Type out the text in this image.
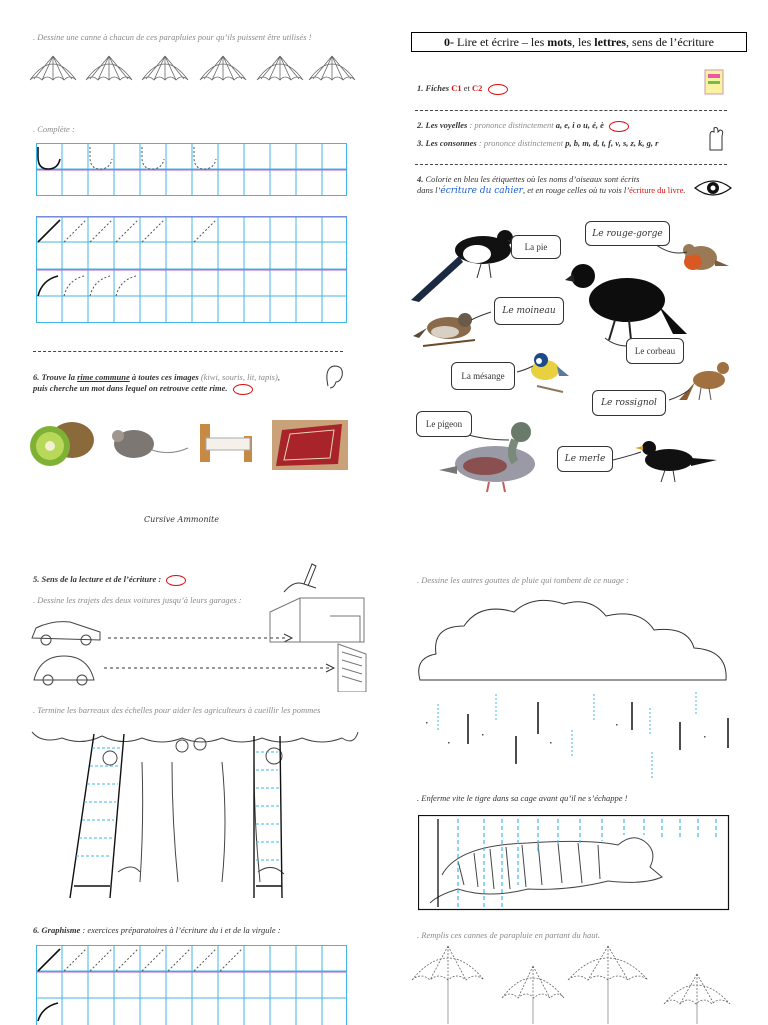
0- Lire et écrire – les mots , les lettres , sens de l’écriture
. Dessine une canne à chacun de ces parapluies pour qu’ils puissent être utilisés !
. Complète :
6. Trouve la rime commune à toutes ces images (kiwi, souris, lit, tapis),
puis cherche un mot dans lequel on retrouve cette rime.
Cursive Ammonite
1. Fiches C1 et C2
2. Les voyelles : prononce distinctement a, e, i o u, é, è
3. Les consonnes : prononce distinctement p, b, m, d, t, f, v, s, z, k, g, r
4. Colorie en bleu les étiquettes où les noms d’oiseaux sont écrits
dans l’écriture du cahier, et en rouge celles où tu vois l’écriture du livre.
La pie
Le rouge-gorge
Le moineau
Le corbeau
La mésange
Le rossignol
Le pigeon
Le merle
5. Sens de la lecture et de l’écriture :
. Dessine les trajets des deux voitures jusqu’à leurs garages :
. Termine les barreaux des échelles pour aider les agriculteurs à cueillir les pommes
6. Graphisme : exercices préparatoires à l’écriture du i et de la virgule :
. Dessine les autres gouttes de pluie qui tombent de ce nuage :
. Enferme vite le tigre dans sa cage avant qu’il ne s’échappe !
. Remplis ces cannes de parapluie en partant du haut.
